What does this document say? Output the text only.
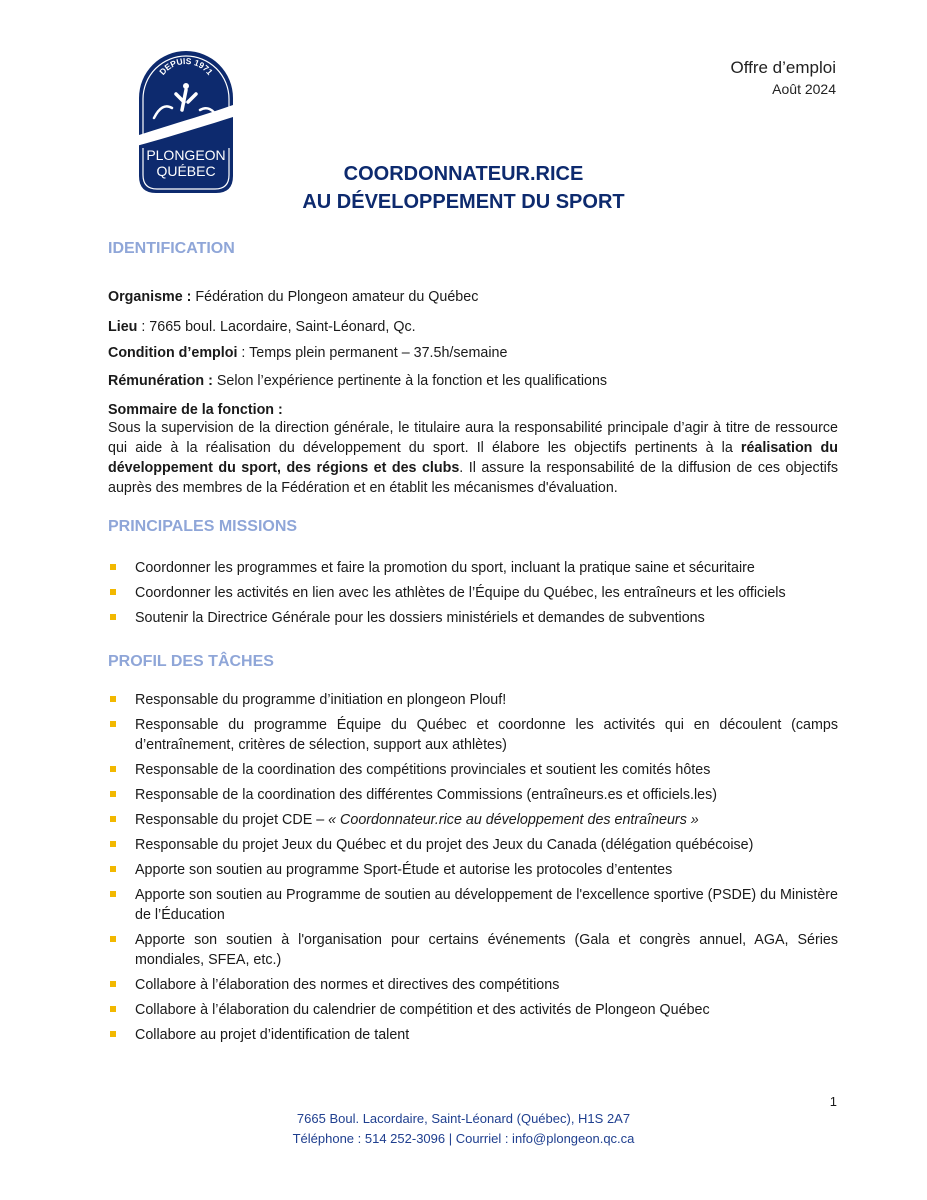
DEPUIS 1971
PLONGEON
QUÉBEC
Offre d’emploi
Août 2024
COORDONNATEUR.RICE
AU DÉVELOPPEMENT DU SPORT
IDENTIFICATION
Organisme : Fédération du Plongeon amateur du Québec
Lieu : 7665 boul. Lacordaire, Saint-Léonard, Qc.
Condition d’emploi : Temps plein permanent – 37.5h/semaine
Rémunération : Selon l’expérience pertinente à la fonction et les qualifications
Sommaire de la fonction :
Sous la supervision de la direction générale, le titulaire aura la responsabilité principale d’agir à titre de ressource qui aide à la réalisation du développement du sport. Il élabore les objectifs pertinents à la réalisation du développement du sport, des régions et des clubs. Il assure la responsabilité de la diffusion de ces objectifs auprès des membres de la Fédération et en établit les mécanismes d'évaluation.
PRINCIPALES MISSIONS
Coordonner les programmes et faire la promotion du sport, incluant la pratique saine et sécuritaire
Coordonner les activités en lien avec les athlètes de l’Équipe du Québec, les entraîneurs et les officiels
Soutenir la Directrice Générale pour les dossiers ministériels et demandes de subventions
PROFIL DES TÂCHES
Responsable du programme d’initiation en plongeon Plouf!
Responsable du programme Équipe du Québec et coordonne les activités qui en découlent (camps d’entraînement, critères de sélection, support aux athlètes)
Responsable de la coordination des compétitions provinciales et soutient les comités hôtes
Responsable de la coordination des différentes Commissions (entraîneurs.es et officiels.les)
Responsable du projet CDE – « Coordonnateur.rice au développement des entraîneurs »
Responsable du projet Jeux du Québec et du projet des Jeux du Canada (délégation québécoise)
Apporte son soutien au programme Sport-Étude et autorise les protocoles d’ententes
Apporte son soutien au Programme de soutien au développement de l'excellence sportive (PSDE) du Ministère de l’Éducation
Apporte son soutien à l'organisation pour certains événements (Gala et congrès annuel, AGA, Séries mondiales, SFEA, etc.)
Collabore à l’élaboration des normes et directives des compétitions
Collabore à l’élaboration du calendrier de compétition et des activités de Plongeon Québec
Collabore au projet d’identification de talent
1
7665 Boul. Lacordaire, Saint-Léonard (Québec), H1S 2A7
Téléphone : 514 252-3096 | Courriel : info@plongeon.qc.ca
